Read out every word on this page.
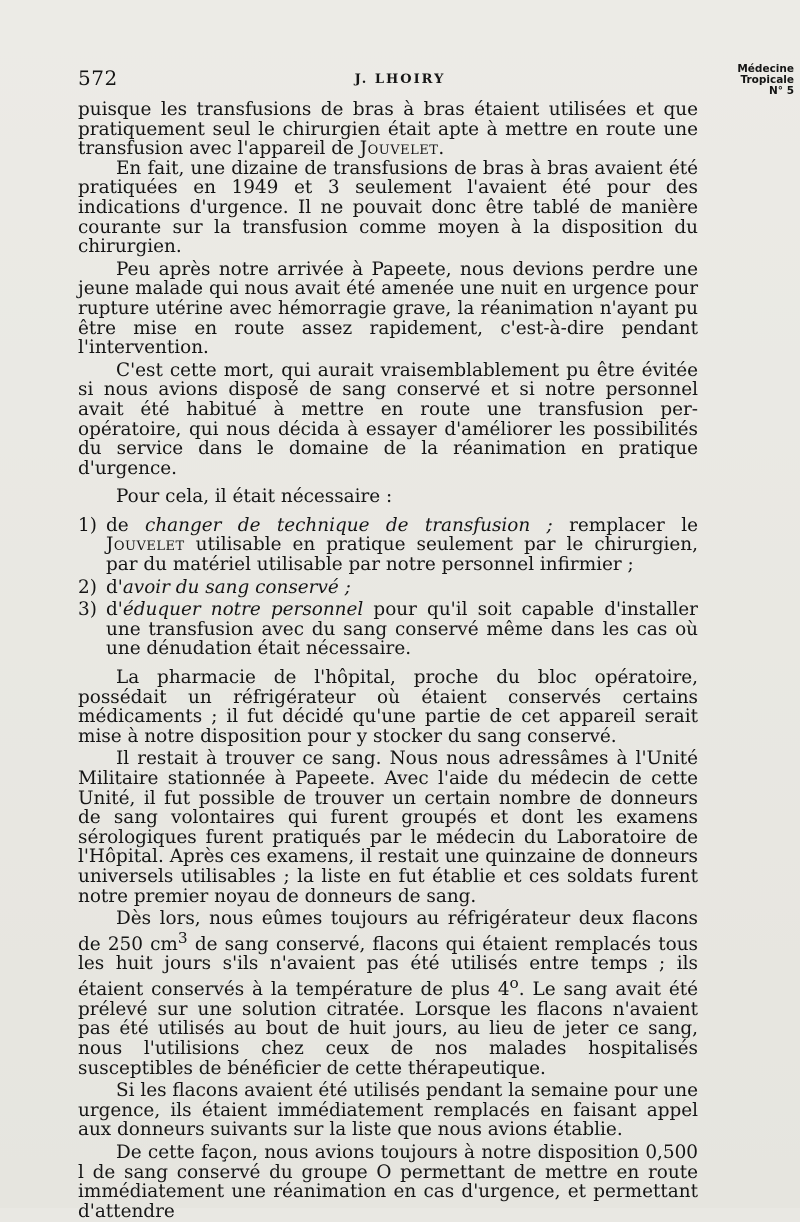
572	J. LHOIRY
Médecine
Tropicale
N° 5

puisque les transfusions de bras à bras étaient utilisées et que pratiquement seul le chirurgien était apte à mettre en route une transfusion avec l'appareil de Jouvelet.

En fait, une dizaine de transfusions de bras à bras avaient été pratiquées en 1949 et 3 seulement l'avaient été pour des indications d'urgence. Il ne pouvait donc être tablé de manière courante sur la transfusion comme moyen à la disposition du chirurgien.

Peu après notre arrivée à Papeete, nous devions perdre une jeune malade qui nous avait été amenée une nuit en urgence pour rupture utérine avec hémorragie grave, la réanimation n'ayant pu être mise en route assez rapidement, c'est-à-dire pendant l'intervention.

C'est cette mort, qui aurait vraisemblablement pu être évitée si nous avions disposé de sang conservé et si notre personnel avait été habitué à mettre en route une transfusion per-opératoire, qui nous décida à essayer d'améliorer les possibilités du service dans le domaine de la réanimation en pratique d'urgence.

Pour cela, il était nécessaire :

1) de changer de technique de transfusion ; remplacer le Jouvelet utilisable en pratique seulement par le chirurgien, par du matériel utilisable par notre personnel infirmier ;

2) d'avoir du sang conservé ;

3) d'éduquer notre personnel pour qu'il soit capable d'installer une transfusion avec du sang conservé même dans les cas où une dénudation était nécessaire.

La pharmacie de l'hôpital, proche du bloc opératoire, possédait un réfrigérateur où étaient conservés certains médicaments ; il fut décidé qu'une partie de cet appareil serait mise à notre disposition pour y stocker du sang conservé.

Il restait à trouver ce sang. Nous nous adressâmes à l'Unité Militaire stationnée à Papeete. Avec l'aide du médecin de cette Unité, il fut possible de trouver un certain nombre de donneurs de sang volontaires qui furent groupés et dont les examens sérologiques furent pratiqués par le médecin du Laboratoire de l'Hôpital. Après ces examens, il restait une quinzaine de donneurs universels utilisables ; la liste en fut établie et ces soldats furent notre premier noyau de donneurs de sang.

Dès lors, nous eûmes toujours au réfrigérateur deux flacons de 250 $cm^3$ de sang conservé, flacons qui étaient remplacés tous les huit jours s'ils n'avaient pas été utilisés entre temps ; ils étaient conservés à la température de plus 4$^o$. Le sang avait été prélevé sur une solution citratée. Lorsque les flacons n'avaient pas été utilisés au bout de huit jours, au lieu de jeter ce sang, nous l'utilisions chez ceux de nos malades hospitalisés susceptibles de bénéficier de cette thérapeutique.

Si les flacons avaient été utilisés pendant la semaine pour une urgence, ils étaient immédiatement remplacés en faisant appel aux donneurs suivants sur la liste que nous avions établie.

De cette façon, nous avions toujours à notre disposition 0,500 l de sang conservé du groupe O permettant de mettre en route immédiatement une réanimation en cas d'urgence, et permettant d'attendre
